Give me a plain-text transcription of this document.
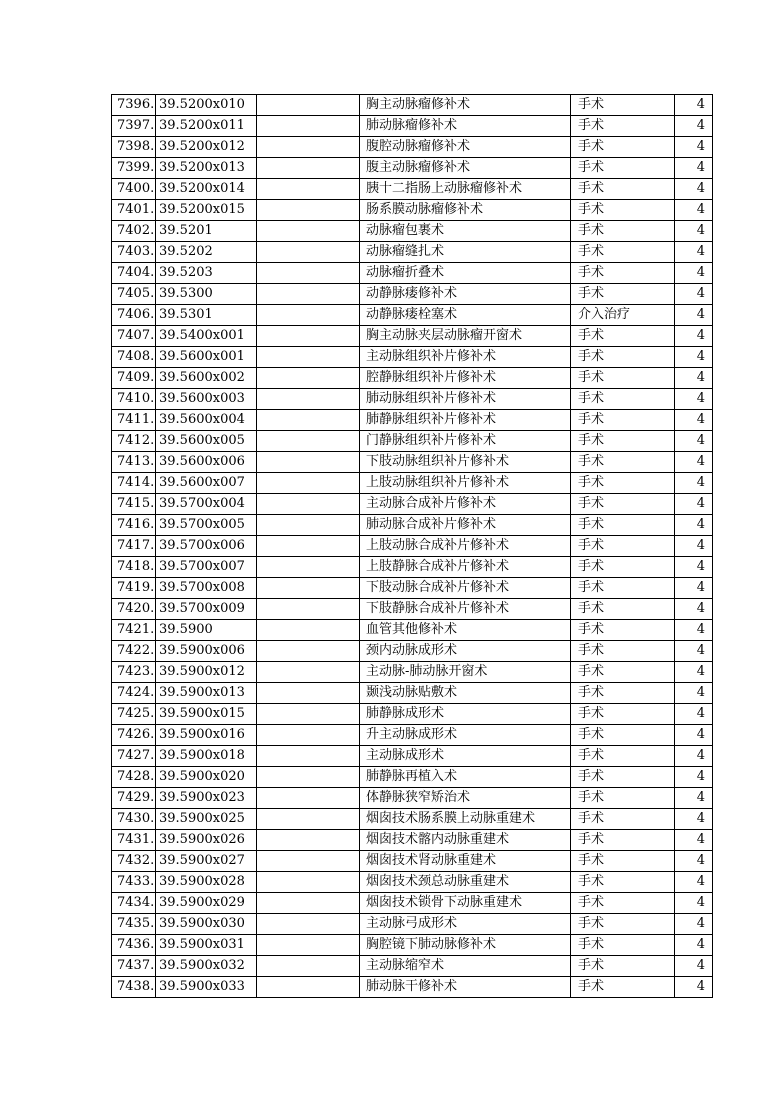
7396.	39.5200x010		胸主动脉瘤修补术	手术	4
7397.	39.5200x011		肺动脉瘤修补术	手术	4
7398.	39.5200x012		腹腔动脉瘤修补术	手术	4
7399.	39.5200x013		腹主动脉瘤修补术	手术	4
7400.	39.5200x014		胰十二指肠上动脉瘤修补术	手术	4
7401.	39.5200x015		肠系膜动脉瘤修补术	手术	4
7402.	39.5201		动脉瘤包裹术	手术	4
7403.	39.5202		动脉瘤缝扎术	手术	4
7404.	39.5203		动脉瘤折叠术	手术	4
7405.	39.5300		动静脉瘘修补术	手术	4
7406.	39.5301		动静脉瘘栓塞术	介入治疗	4
7407.	39.5400x001		胸主动脉夹层动脉瘤开窗术	手术	4
7408.	39.5600x001		主动脉组织补片修补术	手术	4
7409.	39.5600x002		腔静脉组织补片修补术	手术	4
7410.	39.5600x003		肺动脉组织补片修补术	手术	4
7411.	39.5600x004		肺静脉组织补片修补术	手术	4
7412.	39.5600x005		门静脉组织补片修补术	手术	4
7413.	39.5600x006		下肢动脉组织补片修补术	手术	4
7414.	39.5600x007		上肢动脉组织补片修补术	手术	4
7415.	39.5700x004		主动脉合成补片修补术	手术	4
7416.	39.5700x005		肺动脉合成补片修补术	手术	4
7417.	39.5700x006		上肢动脉合成补片修补术	手术	4
7418.	39.5700x007		上肢静脉合成补片修补术	手术	4
7419.	39.5700x008		下肢动脉合成补片修补术	手术	4
7420.	39.5700x009		下肢静脉合成补片修补术	手术	4
7421.	39.5900		血管其他修补术	手术	4
7422.	39.5900x006		颈内动脉成形术	手术	4
7423.	39.5900x012		主动脉-肺动脉开窗术	手术	4
7424.	39.5900x013		颞浅动脉贴敷术	手术	4
7425.	39.5900x015		肺静脉成形术	手术	4
7426.	39.5900x016		升主动脉成形术	手术	4
7427.	39.5900x018		主动脉成形术	手术	4
7428.	39.5900x020		肺静脉再植入术	手术	4
7429.	39.5900x023		体静脉狭窄矫治术	手术	4
7430.	39.5900x025		烟囱技术肠系膜上动脉重建术	手术	4
7431.	39.5900x026		烟囱技术髂内动脉重建术	手术	4
7432.	39.5900x027		烟囱技术肾动脉重建术	手术	4
7433.	39.5900x028		烟囱技术颈总动脉重建术	手术	4
7434.	39.5900x029		烟囱技术锁骨下动脉重建术	手术	4
7435.	39.5900x030		主动脉弓成形术	手术	4
7436.	39.5900x031		胸腔镜下肺动脉修补术	手术	4
7437.	39.5900x032		主动脉缩窄术	手术	4
7438.	39.5900x033		肺动脉干修补术	手术	4
